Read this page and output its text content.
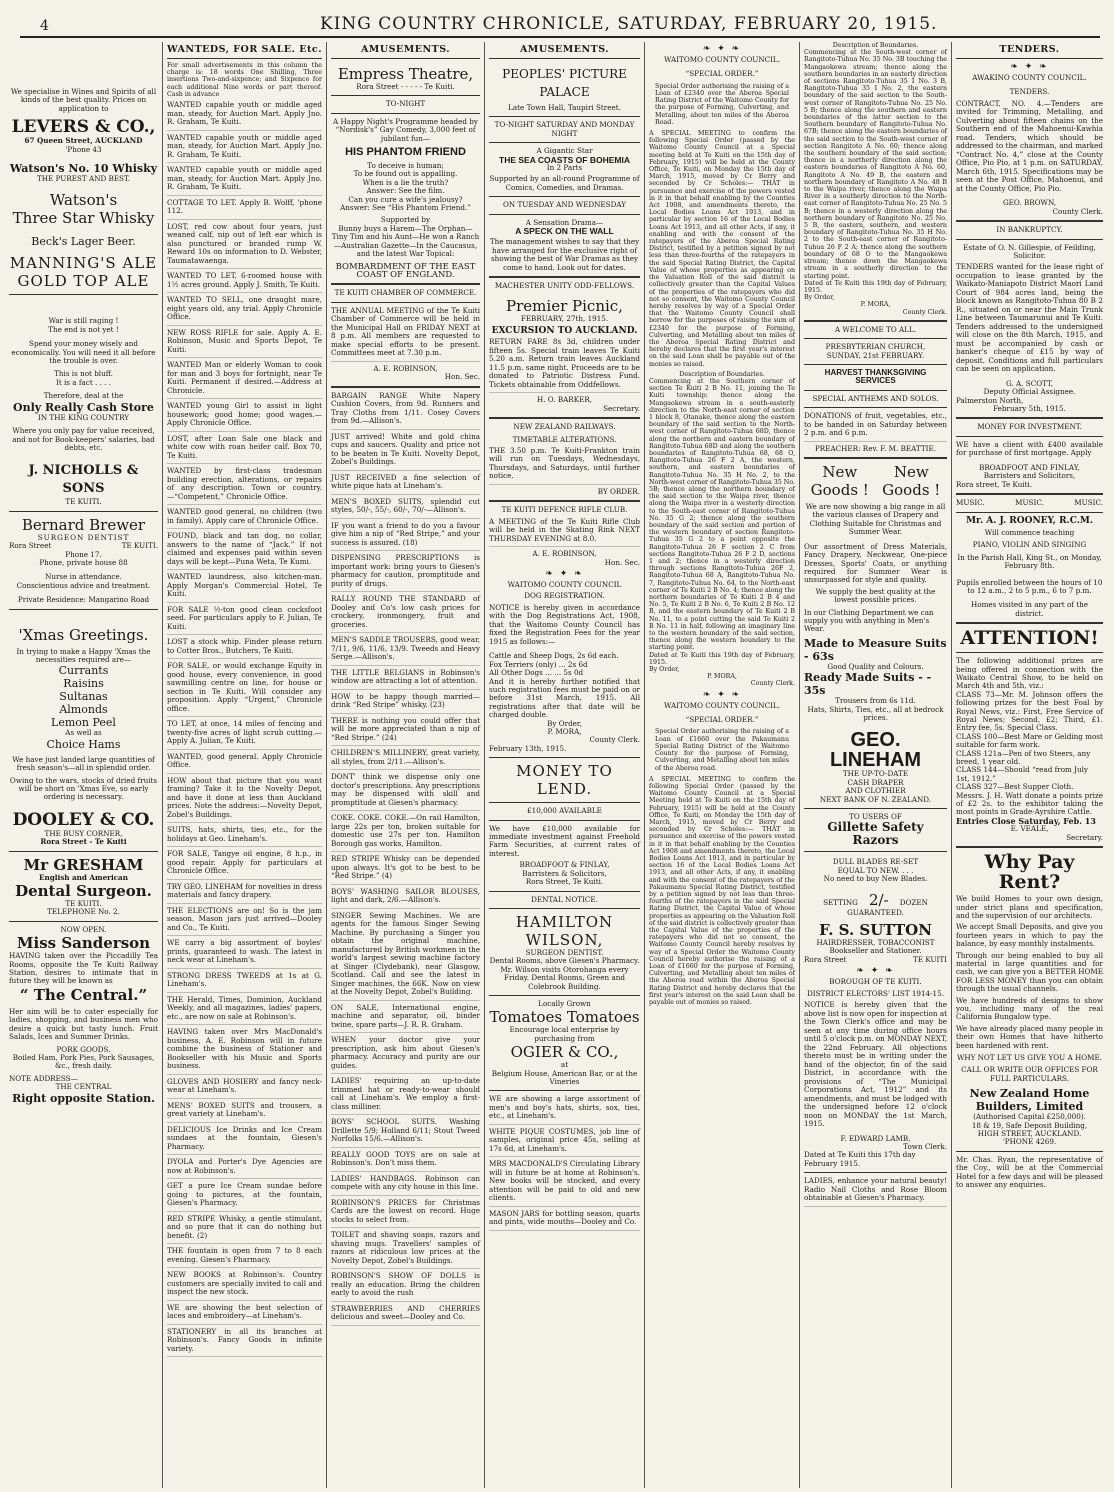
4	KING COUNTRY CHRONICLE, SATURDAY, FEBRUARY 20, 1915.
We specialise in Wines and Spirits of all kinds of the best quality. Prices on application to
LEVERS & CO.,
67 Queen Street, AUCKLAND
'Phone 43
Watson's No. 10 Whisky
THE PUREST AND BEST.
Watson's
Three Star Whisky
Beck's Lager Beer.
MANNING'S ALE
GOLD TOP ALE
War is still raging !
The end is not yet !
Spend your money wisely and economically. You will need it all before the trouble is over.
This is not bluff.
It is a fact . . . .
Therefore, deal at the
Only Really Cash Store
IN THE KING COUNTRY
Where you only pay for value received, and not for Book-keepers' salaries, bad debts, etc.
J. NICHOLLS & SONS
TE KUITI.
Bernard Brewer
SURGEON DENTIST
Rora Street	TE KUITI.
Phone 17.
Phone, private house 88
Nurse in attendance.
Conscientious advice and treatment.
Private Residence: Mangarino Road
'Xmas Greetings.
In trying to make a Happy 'Xmas the necessities required are—
Currants
Raisins
Sultanas
Almonds
Lemon Peel
As well as
Choice Hams
We have just landed large quantities of fresh season's—all in splendid order.
Owing to the wars, stocks of dried fruits will be short on 'Xmas Eve, so early ordering is necessary.
DOOLEY & CO.
THE BUSY CORNER,
Rora Street - Te Kuiti
Mr GRESHAM
English and American
Dental Surgeon.
TE KUITI.
TELEPHONE No. 2.
NOW OPEN.
Miss Sanderson
HAVING taken over the Piccadilly Tea Rooms, opposite the Te Kuiti Railway Station, desires to intimate that in future they will be known as
“ The Central.”
Her aim will be to cater especially for ladies, shopping, and business men who desire a quick but tasty lunch. Fruit Salads, Ices and Summer Drinks.
PORK GOODS.
Boiled Ham, Pork Pies, Pork Sausages, &c., fresh daily.
NOTE ADDRESS—
THE CENTRAL
Right opposite Station.
WANTEDS, FOR SALE. Etc.
For small advertisements in this column the charge is: 18 words One Shilling, Three insertions Two-and-sixpence; and Sixpence for each additional Nine words or part thereof. Cash in advance
WANTED capable youth or middle aged man, steady, for Auction Mart. Apply Jno. R. Graham, Te Kuiti.
WANTED capable youth or middle aged man, steady, for Auction Mart. Apply Jno. R. Graham, Te Kuiti.
WANTED capable youth or middle aged man, steady, for Auction Mart. Apply Jno. R. Graham, Te Kuiti.
COTTAGE TO LET. Apply B. Wolff, 'phone 112.
LOST, red cow about four years, just weaned calf, nip out of left ear which is also punctured or branded rump W. Reward 10s on information to D. Webster, Taumatawaenga.
WANTED TO LET, 6-roomed house with 1½ acres ground. Apply J. Smith, Te Kuiti.
WANTED TO SELL, one draught mare, eight years old, any trial. Apply Chronicle Office.
NEW ROSS RIFLE for sale. Apply A. E. Robinson, Music and Sports Depot, Te Kuiti.
WANTED Man or elderly Woman to cook for man and 3 boys for fortnight, near Te Kuiti. Permanent if desired.—Address at Chronicle.
WANTED young Girl to assist in light housework; good home; good wages.—Apply Chronicle Office.
LOST, after Loan Sale one black and white cow with roan heifer calf. Box 70, Te Kuiti.
WANTED by first-class tradesman building erection, alterations, or repairs of any description. Town or country.—“Competent,” Chronicle Office.
WANTED good general, no children (two in family). Apply care of Chronicle Office.
FOUND, black and tan dog, no collar, answers to the name of “Jack.” If not claimed and expenses paid within seven days will be kept—Puna Weta, Te Kumi.
WANTED laundress, also kitchen-man. Apply Morgan's Commercial Hotel, Te Kuiti.
FOR SALE ½-ton good clean cocksfoot seed. For particulars apply to F. Julian, Te Kuiti.
LOST a stock whip. Finder please return to Cotter Bros., Butchers, Te Kuiti.
FOR SALE, or would exchange Equity in good house, every convenience, in good sawmilling centre on line, for house or section in Te Kuiti. Will consider any proposition. Apply “Urgent,” Chronicle office.
TO LET, at once, 14 miles of fencing and twenty-five acres of light scrub cutting.—Apply A. Julian, Te Kuiti.
WANTED, good general. Apply Chronicle Office.
HOW about that picture that you want framing? Take it to the Novelty Depot, and have it done at less than Auckland prices. Note the address:—Novelty Depot, Zobel's Buildings.
SUITS, hats, shirts, ties, etc., for the holidays at Geo. Lineham's.
FOR SALE, Tangye oil engine, 8 h.p., in good repair. Apply for particulars at Chronicle Office.
TRY GEO. LINEHAM for novelties in dress materials and fancy drapery.
THE ELECTIONS are on! So is the jam season. Mason jars just arrived—Dooley and Co., Te Kuiti.
WE carry a big assortment of boyles' prints, guaranteed to wash. The latest in neck wear at Lineham's.
STRONG DRESS TWEEDS at 1s at G. Lineham's.
THE Herald, Times, Dominion, Auckland Weekly, and all magazines, ladies' papers, etc., are now on sale at Robinson's.
HAVING taken over Mrs MacDonald's business, A. E. Robinson will in future combine the business of Stationer and Bookseller with his Music and Sports business.
GLOVES AND HOSIERY and fancy neck-wear at Lineham's.
MENS' BOXED SUITS and trousers, a great variety at Lineham's.
DELICIOUS Ice Drinks and Ice Cream sundaes at the fountain, Giesen's Pharmacy.
DYOLA and Porter's Dye Agencies are now at Robinson's.
GET a pure Ice Cream sundae before going to pictures, at the fountain, Giesen's Pharmacy.
RED STRIPE Whisky, a gentle stimulant, and so pure that it can do nothing but benefit. (2)
THE fountain is open from 7 to 8 each evening. Giesen's Pharmacy.
NEW BOOKS at Robinson's. Country customers are specially invited to call and inspect the new stock.
WE are showing the best selection of laces and embroidery—at Lineham's.
STATIONERY in all its branches at Robinson's. Fancy Goods in infinite variety.
AMUSEMENTS.
Empress Theatre,
Rora Street - - - - - Te Kuiti.
TO-NIGHT
A Happy Night's Programme headed by “Nordisk's” Gay Comedy, 3,000 feet of jubilant fun—
HIS PHANTOM FRIEND
To deceive is human;
To be found out is appalling.
When is a lie the truth?
Answer: See the film.
Can you cure a wife's jealousy?
Answer: See “His Phantom Friend.”
Supported by
Bunny buys a Harem—The Orphan—Tiny Tim and his Aunt—He won a Ranch—Australian Gazette—In the Caucasus, and the latest War Topical:
BOMBARDMENT OF THE EAST COAST OF ENGLAND.
TE KUITI CHAMBER OF COMMERCE.
THE ANNUAL MEETING of the Te Kuiti Chamber of Commerce will be held in the Municipal Hall on FRIDAY NEXT at 8 p.m. All members are requested to make special efforts to be present. Committees meet at 7.30 p.m.
A. E. ROBINSON,
Hon. Sec.
BARGAIN RANGE White Napery Cushion Covers, from 9d. Runners and Tray Cloths from 1/11. Cosey Covers from 9d.—Allison's.
JUST arrived! White and gold china cups and saucers. Quality and price not to be beaten in Te Kuiti. Novelty Depot, Zobel's Buildings.
JUST RECEIVED a fine selection of white pique hats at Lineham's.
MEN'S BOXED SUITS, splendid cut styles, 50/-, 55/-, 60/-, 70/-—Allison's.
IF you want a friend to do you a favour give him a nip of “Red Stripe,” and your success is assured. (18)
DISPENSING PRESCRIPTIONS is important work: bring yours to Giesen's pharmacy for caution, promptitude and purity of drugs.
RALLY ROUND THE STANDARD of Dooley and Co's low cash prices for crockery, ironmongery, fruit and groceries.
MEN'S SADDLE TROUSERS, good wear, 7/11, 9/6, 11/6, 13/9. Tweeds and Heavy Serge.—Allison's.
THE LITTLE BELGIANS in Robinson's window are attracting a lot of attention.
HOW to be happy though married—drink “Red Stripe” whisky. (23)
THERE is nothing you could offer that will be more appreciated than a nip of “Red Stripe.” (24)
CHILDREN'S MILLINERY, great variety, all styles, from 2/11.—Allison's.
DONT' think we dispense only one doctor's prescriptions. Any prescriptions may be dispensed with skill and promptitude at Giesen's pharmacy.
COKE. COKE. COKE.—On rail Hamilton, large 22s per ton, broken suitable for domestic use 27s per ton. Hamilton Borough gas works, Hamilton.
RED STRIPE Whisky can be depended upon always. It's got to be best to be “Red Stripe.” (4)
BOYS' WASHING SAILOR BLOUSES, light and dark, 2/6.—Allison's.
SINGER Sewing Machines. We are agents for the famous Singer Sewing Machine. By purchasing a Singer you obtain the original machine, manufactured by British workmen in the world's largest sewing machine factory at Singer (Clydebank), near Glasgow, Scotland. Call and see the latest in Singer machines, the 66K. Now on view at the Novelty Depot, Zobel's Building.
ON SALE, International engine, machine and separator, oil, binder twine, spare parts—J. R. R. Graham.
WHEN your doctor give your prescription, ask him about Giesen's pharmacy. Accuracy and purity are our guides.
LADIES' requiring an up-to-date trimmed hat or ready-to-wear should call at Lineham's. We employ a first-class milliner.
BOYS' SCHOOL SUITS. Washing Drillette 5/9; Holland 6/11; Stout Tweed Norfolks 15/6.—Allison's.
REALLY GOOD TOYS are on sale at Robinson's. Don't miss them.
LADIES' HANDBAGS. Robinson can compete with any city house in this line.
ROBINSON'S PRICES for Christmas Cards are the lowest on record. Huge stocks to select from.
TOILET and shaving soaps, razors and shaving mugs. Travellers' samples of razors at ridiculous low prices at the Novelty Depot, Zobel's Buildings.
ROBINSON'S SHOW OF DOLLS is really an education. Bring the children early to avoid the rush
STRAWBERRIES AND CHERRIES delicious and sweet—Dooley and Co.
AMUSEMENTS.
PEOPLES' PICTURE PALACE
Late Town Hall, Taupiri Street.
TO-NIGHT SATURDAY AND MONDAY NIGHT
A Gigantic Star
THE SEA COASTS OF BOHEMIA
In 2 Parts
Supported by an all-round Programme of Comics, Comedies, and Dramas.
ON TUESDAY AND WEDNESDAY
A Sensation Drama—
A SPECK ON THE WALL
The management wishes to say that they have arranged for the exclusive right of showing the best of War Dramas as they come to hand. Look out for dates.
MACHESTER UNITY ODD-FELLOWS.
Premier Picnic,
FEBRUARY, 27th, 1915.
EXCURSION TO AUCKLAND.
RETURN FARE 8s 3d, children under fifteen 5s. Special train leaves Te Kuiti 5.20 a.m. Return train leaves Auckland 11.5 p.m. same night. Proceeds are to be donated to Patriotic Distress Fund. Tickets obtainable from Oddfellows.
H. O. BARKER,
Secretary.
NEW ZEALAND RAILWAYS.
TIMETABLE ALTERATIONS.
THE 3.50 p.m. Te Kuiti-Frankton train will run on Tuesdays, Wednesdays, Thursdays, and Saturdays, until further notice.
BY ORDER.
TE KUITI DEFENCE RIFLE CLUB.
A MEETING of the Te Kuiti Rifle Club will be held in the Skating Rink NEXT THURSDAY EVENING at 8.0.
A. E. ROBINSON,
Hon. Sec.
❧ ✦ ❧
WAITOMO COUNTY COUNCIL
DOG REGISTRATION.
NOTICE is hereby given in accordance with the Dog Registrations Act, 1908, that the Waitomo County Council has fixed the Registration Fees for the year 1915 as follows:—
Cattle and Sheep Dogs, 2s 6d each.
Fox Terriers (only) ... 2s 6d
All Other Dogs ... ... 5s 0d
And it is hereby further notified that such registration fees must be paid on or before 31st March, 1915. All registrations after that date will be charged double.
By Order,
P. MORA,
County Clerk.
February 13th, 1915.
MONEY TO LEND.
£10,000 AVAILABLE
We have £10,000 available for immediate investment against Freehold Farm Securities, at current rates of interest.
BROADFOOT & FINLAY,
Barristers & Solicitors,
Rora Street, Te Kuiti.
DENTAL NOTICE.
HAMILTON WILSON,
SURGEON DENTIST.
Dental Rooms, above Giesen's Pharmacy.
Mr. Wilson visits Otorohanga every Friday. Dental Rooms, Green and Colebrook Building.
Locally Grown
Tomatoes Tomatoes
Encourage local enterprise by purchasing from
OGIER & CO.,
at
Belgium House, American Bar, or at the Vineries
WE are showing a large assortment of men's and boy's hats, shirts, sox, ties, etc., at Lineham's.
WHITE PIQUE COSTUMES, job line of samples, original price 45s, selling at 17s 6d, at Lineham's.
MRS MACDONALD'S Circulating Library will in future be at home at Robinson's. New books will be stocked, and every attention will be paid to old and new clients.
MASON JARS for bottling season, quarts and pints, wide mouths—Dooley and Co.
❧ ✦ ❧
WAITOMO COUNTY COUNCIL.
“SPECIAL ORDER.”
Special Order authorising the raising of a Loan of £2340 over the Aberoa Special Rating District of the Waitomo County for the purpose of Forming, Culverting, and Metalling, about ten miles of the Aberoa Road.
A SPECIAL MEETING to confirm the following Special Order (passed by the Waitomo County Council at a Special meeting held at Te Kuiti on the 15th day of February, 1915) will be held at the County Office, Te Kuiti, on Monday the 15th day of March, 1915, moved by Cr Berry and seconded by Cr Scholes:— THAT in pursuance and exercise of the powers vested in it in that behalf enabling by the Counties Act 1908, and amendments thereto, the Local Bodies Loans Act 1913, and in particular by section 16 of the Local Bodies Loans Act 1913, and all other Acts, if any, it enabling and with the consent of the ratepayers of the Aberoa Special Rating District, testified by a petition signed by not less than three-fourths of the ratepayers in the said Special Rating District, the Capital Value of whose properties as appearing on the Valuation Roll of the said district is collectively greater than the Capital Values of the properties of the ratepayers who did not so consent, the Waitomo County Council hereby resolves by way of a Special Order that the Waitomo County Council shall borrow for the purposes of raising the sum of £2340 for the purpose of Forming, Culverting, and Metalling about ten miles of the Aberoa Special Rating District and hereby declares that the first year's interest on the said Loan shall be payable out of the monies so raised.
Description of Boundaries.
Commencing at the Southern corner of section Te Kuiti 2 B No. 11, joining the Te Kuiti township; thence along the Mangaokewa stream in a south-easterly direction to the North-east corner of section 1 block 8, Otanake, thence along the eastern boundary of the said section to the North-west corner of Rangitoto-Tuhua 68D, thence along the northern and eastern boundary of Rangitoto-Tuhua 68D and along the southern boundaries of Rangitoto-Tuhua 68, 68 O, Rangitoto-Tuhua 26 F 2 A, the western, southern, and eastern boundaries of Rangitoto-Tuhua No. 35 H No. 2, to the North-west corner of Rangitoto-Tuhua 35 No. 5B; thence along the northern boundary of the said section to the Waipa river, thence along the Waipa river in a westerly direction to the South-east corner of Rangitoto-Tuhua No. 35 G 2; thence along the southern boundary of the said section and portion of the western boundary of section Rangitoto-Tuhua 35 G 2 to a point opposite the Rangitoto-Tuhua 26 F section 2 C from sections Rangitoto-Tuhua 26 F 2 D, sections 1 and 2; thence in a westerly direction through sections Rangitoto-Tuhua 26F 2, Rangitoto-Tuhua 68 A, Rangitoto-Tuhua No. 7, Rangitoto-Tuhua No. 64, to the North-east corner of Te Kuiti 2 B No. 4; thence along the northern boundaries of Te Kuiti 2 B 4 and No. 5, Te Kuiti 2 B No. 6, Te Kuiti 2 B No. 12 B, and the eastern boundary of Te Kuiti 2 B No. 11, to a point cutting the said Te Kuiti 2 B No. 11 in half, following an imaginary line to the western boundary of the said section, thence along the western boundary to the starting point.
Dated at Te Kuiti this 19th day of February, 1915.
By Order,
P. MORA,
County Clerk.
❧ ✦ ❧
WAITOMO COUNTY COUNCIL.
“SPECIAL ORDER.”
Special Order authorising the raising of a Loan of £1660 over the Pakaumanu Special Rating District of the Waitomo County for the purpose of Forming, Culverting, and Metalling about ten miles of the Aberoa road.
A SPECIAL MEETING to confirm the following Special Order (passed by the Waitomo County Council at a Special Meeting held at Te Kuiti on the 15th day of February, 1915) will be held at the County Office, Te Kuiti, on Monday the 15th day of March, 1915, moved by Cr Berry and seconded by Cr Scholes:— THAT in pursuance and exercise of the powers vested in it in that behalf enabling by the Counties Act 1908 and amendments thereto, the Local Bodies Loans Act 1913, and in particular by section 16 of the Local Bodies Loans Act 1913, and all other Acts, if any, it enabling and with the consent of the ratepayers of the Pakaumanu Special Rating District, testified by a petition signed by not less than three-fourths of the ratepayers in the said Special Rating District, the Capital Value of whose properties as appearing on the Valuation Roll of the said district is collectively greater than the Capital Value of the properties of the ratepayers who did not so consent, the Waitomo County Council hereby resolves by way of a Special Order the Waitomo County Council hereby authorise the raising of a Loan of £1660 for the purpose of Forming, Culverting, and Metalling about ten miles of the Aberoa road within the Aberoa Special Rating District and hereby declares that the first year's interest on the said Loan shall be payable out of monies so raised.
Description of Boundaries.
Commencing at the South-west corner of Rangitoto-Tuhua No. 35 No. 3B touching the Mangaokewa stream; thence along the southern boundaries in an easterly direction of sections Rangitoto-Tuhua 35 1 No. 3 B, Rangitoto-Tuhua 35 I No. 2, the eastern boundary of the said section to the South-west corner of Rangitoto-Tuhua No. 25 No. 5 B; thence along the southern and eastern boundaries of the latter section to the Southern boundary of Rangitoto-Tuhua No. 67B; thence along the eastern boundaries of the said section to the South-west corner of section Rangitoto A No. 60; thence along the southern boundary of the said section; thence in a northerly direction along the eastern boundaries of Rangitoto A No. 60, Rangitoto A No. 49 B, the eastern and northern boundary of Rangitoto A No. 48 B to the Waipa river, thence along the Waipa River in a southerly direction to the North-east corner of Rangitoto-Tuhua No. 25 No. 5 B; thence in a westerly direction along the northern boundary of Rangitoto No. 25 No. 5 B, the eastern, southern, and western boundary of Rangitoto-Tuhua No. 35 H No. 2 to the South-east corner of Rangitoto-Tuhua 26 F 2 A; thence along the southern boundary of 68 O to the Mangaokewa stream; thence down the Mangaokewa stream in a southerly direction to the starting point.
Dated at Te Kuiti this 19th day of February, 1915.
By Order,
P. MORA,
County Clerk.
A WELCOME TO ALL.
PRESBYTERIAN CHURCH,
SUNDAY, 21st FEBRUARY.
HARVEST THANKSGIVING SERVICES
SPECIAL ANTHEMS AND SOLOS.
DONATIONS of fruit, vegetables, etc., to be handed in on Saturday between 2 p.m. and 6 p.m.
PREACHER: Rev. F. M. BEATTIE.
New New
Goods ! Goods !
We are now showing a big range in all the various classes of Drapery and Clothing Suitable for Christmas and Summer Wear.
Our assortment of Dress Materials, Fancy Drapery, Neckwear, One-piece Dresses, Sports' Coats, or anything required for Summer Wear is unsurpassed for style and quality.
We supply the best quality at the lowest possible prices.
In our Clothing Department we can supply you with anything in Men's Wear.
Made to Measure Suits - 63s
Good Quality and Colours.
Ready Made Suits - - 35s
Trousers from 6s 11d.
Hats, Shirts, Ties, etc., all at bedrock prices.
GEO. LINEHAM
THE UP-TO-DATE
CASH DRAPER
AND CLOTHIER
NEXT BANK OF N. ZEALAND.
TO USERS OF
Gillette Safety Razors
DULL BLADES RE-SET
EQUAL TO NEW. . . .
No need to buy New Blades.
SETTING 2/- DOZEN
GUARANTEED.
F. S. SUTTON
HAIRDRESSER, TOBACCONIST
Bookseller and Stationer.
Rora Street	TE KUITI
❧ ✦ ❧
BOROUGH OF TE KUITI.
DISTRICT ELECTORS' LIST 1914-15.
NOTICE is hereby given that the above list is now open for inspection at the Town Clerk's office and may be seen at any time during office hours until 5 o'clock p.m. on MONDAY NEXT, the 22nd February. All objections thereto must be in writing under the hand of the objector, fin of the said District, in accordance with the provisions of “The Municipal Corporations Act, 1912” and its amendments, and must be lodged with the undersigned before 12 o'clock noon on MONDAY the 1st March, 1915.
F. EDWARD LAMB,
Town Clerk.
Dated at Te Kuiti this 17th day February 1915.
LADIES, enhance your natural beauty! Radio Nail Cloths and Rose Bloom obtainable at Giesen's Pharmacy.
TENDERS.
❧ ✦ ❧
AWAKINO COUNTY COUNCIL.
TENDERS.
CONTRACT, NO. 4.—Tenders are invited for Trimming, Metalling, and Culverting about fifteen chains on the Southern end of the Mahoenui-Kawhia road. Tenders, which should be addressed to the chairman, and marked “Contract No. 4,” close at the County Office, Pio Pio, at 1 p.m. on SATURDAY, March 6th, 1915. Specifications may be seen at the Post Office, Mahoenui, and at the County Office, Pio Pio.
GEO. BROWN,
County Clerk.
IN BANKRUPTCY.
Estate of O. N. Gillespie, of Feilding, Solicitor.
TENDERS wanted for the lease right of occupation to lease granted by the Waikato-Maniapoto District Maori Land Court of 984 acres land, being the block known as Rangitoto-Tuhua 80 B 2 R., situated on or near the Main Trunk Line between Taumarunui and Te Kuiti. Tenders addressed to the undersigned will close on the 8th March, 1915, and must be accompanied by cash or banker's cheque of £15 by way of deposit. Conditions and full particulars can be seen on application.
G. A. SCOTT,
Deputy Official Assignee.
Palmerston North,
February 5th, 1915.
MONEY FOR INVESTMENT.
WE have a client with £400 available for purchase of first mortgage. Apply
BROADFOOT AND FINLAY,
Barristers and Solicitors,
Rora street, Te Kuiti.
MUSIC.	MUSIC.	MUSIC.
Mr. A. J. ROONEY, R.C.M.
Will commence teaching
PIANO, VIOLIN AND SINGING
In the Parish Hall, King St., on Monday, February 8th.
Pupils enrolled between the hours of 10 to 12 a.m., 2 to 5 p.m., 6 to 7 p.m.
Homes visited in any part of the district.
ATTENTION!
The following additional prizes are being offered in connection with the Waikato Central Show, to be held on March 4th and 5th, viz.:
CLASS 73—Mr. M. Johnson offers the following prizes for the best Foal by Royal News, viz.: First, Free Service of Royal News; Second, £2; Third, £1. Entry fee, 5s. Special Class.
CLASS 100—Best Mare or Gelding most suitable for farm work.
CLASS 121a—Pen of two Steers, any breed, 1 year old.
CLASS 144—Should “read from July 1st, 1912.”
CLASS 327—Best Supper Cloth.
Messrs. J. H. Watt donate a points prize of £2 2s. to the exhibitor taking the most points in Grade-Ayrshire Cattle.
Entries Close Saturday, Feb. 13
E. VEALE,
Secretary.
Why Pay Rent?
We build Homes to your own design, under strict plans and specification, and the supervision of our architects.
We accept Small Deposits, and give you fourteen years in which to pay the balance, by easy monthly instalments.
Through our being enabled to buy all material in large quantities and for cash, we can give you a BETTER HOME FOR LESS MONEY than you can obtain through the usual channels.
We have hundreds of designs to show you, including many of the real California Bungalow type.
We have already placed many people in their own Homes that have hitherto been hardened with rent.
WHY NOT LET US GIVE YOU A HOME.
CALL OR WRITE OUR OFFICES FOR FULL PARTICULARS.
New Zealand Home Builders, Limited
(Authorised Capital £250,000).
18 & 19, Safe Deposit Building,
HIGH STREET, AUCKLAND.
'PHONE 4269.
Mr. Chas. Ryan, the representative of the Coy., will be at the Commercial Hotel for a few days and will be pleased to answer any enquiries.
